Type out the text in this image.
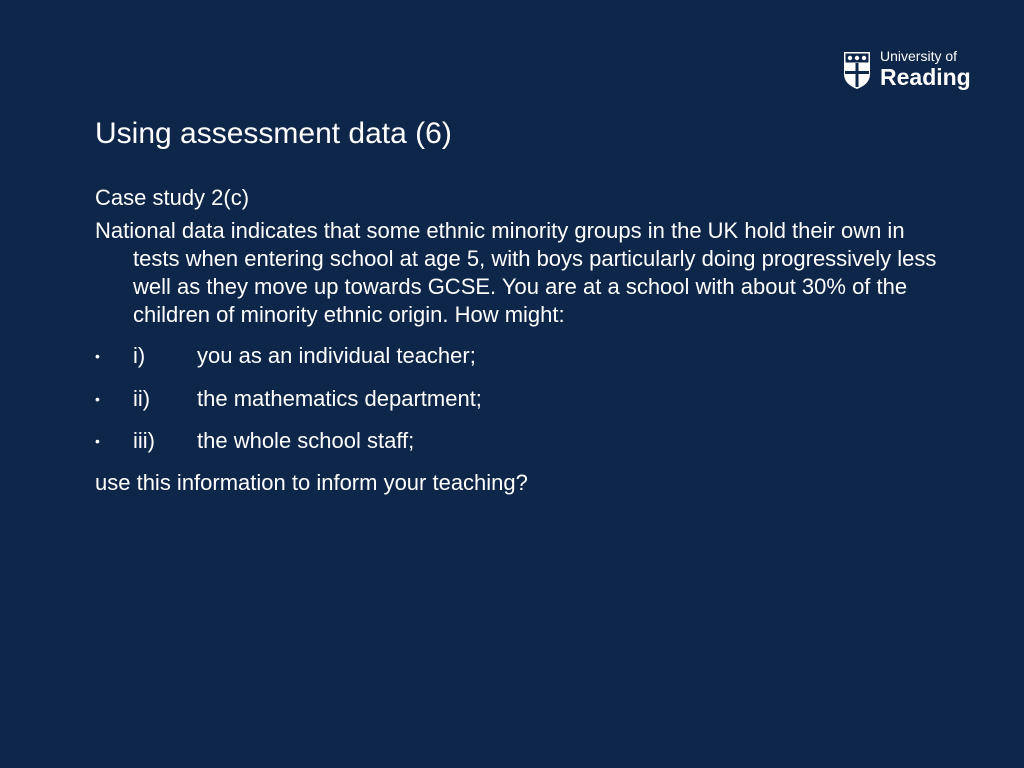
University of
Reading
Using assessment data (6)
Case study 2(c)
National data indicates that some ethnic minority groups in the UK hold their own in tests when entering school at age 5, with boys particularly doing progressively less well as they move up towards GCSE. You are at a school with about 30% of the children of minority ethnic origin. How might:
•	i) you as an individual teacher;
•	ii) the mathematics department;
•	iii) the whole school staff;
use this information to inform your teaching?
